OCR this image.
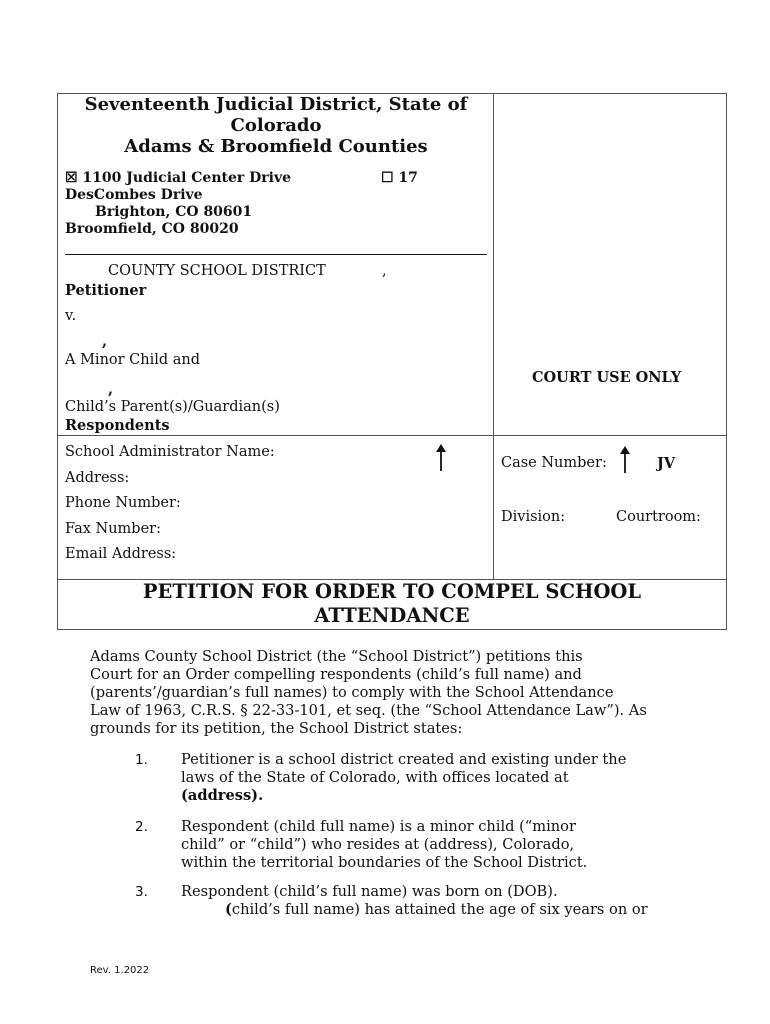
Seventeenth Judicial District, State of
Colorado
Adams & Broomfield Counties
☒ 1100 Judicial Center Drive	☐ 17
DesCombes Drive
Brighton, CO 80601
Broomfield, CO 80020
COUNTY SCHOOL DISTRICT	,
Petitioner
v.
,
A Minor Child and
,
Child’s Parent(s)/Guardian(s)
Respondents
COURT USE ONLY
School Administrator Name:
Address:
Phone Number:
Fax Number:
Email Address:
Case Number:	JV
Division:	Courtroom:
PETITION FOR ORDER TO COMPEL SCHOOL
ATTENDANCE
Adams County School District (the “School District”) petitions this
Court for an Order compelling respondents (child’s full name) and
(parents’/guardian’s full names) to comply with the School Attendance
Law of 1963, C.R.S. § 22-33-101, et seq. (the “School Attendance Law”). As
grounds for its petition, the School District states:
1. Petitioner is a school district created and existing under the
laws of the State of Colorado, with offices located at
(address).
2. Respondent (child full name) is a minor child (“minor
child” or “child”) who resides at (address), Colorado,
within the territorial boundaries of the School District.
3. Respondent (child’s full name) was born on (DOB).
(child’s full name) has attained the age of six years on or
Rev. 1.2022
